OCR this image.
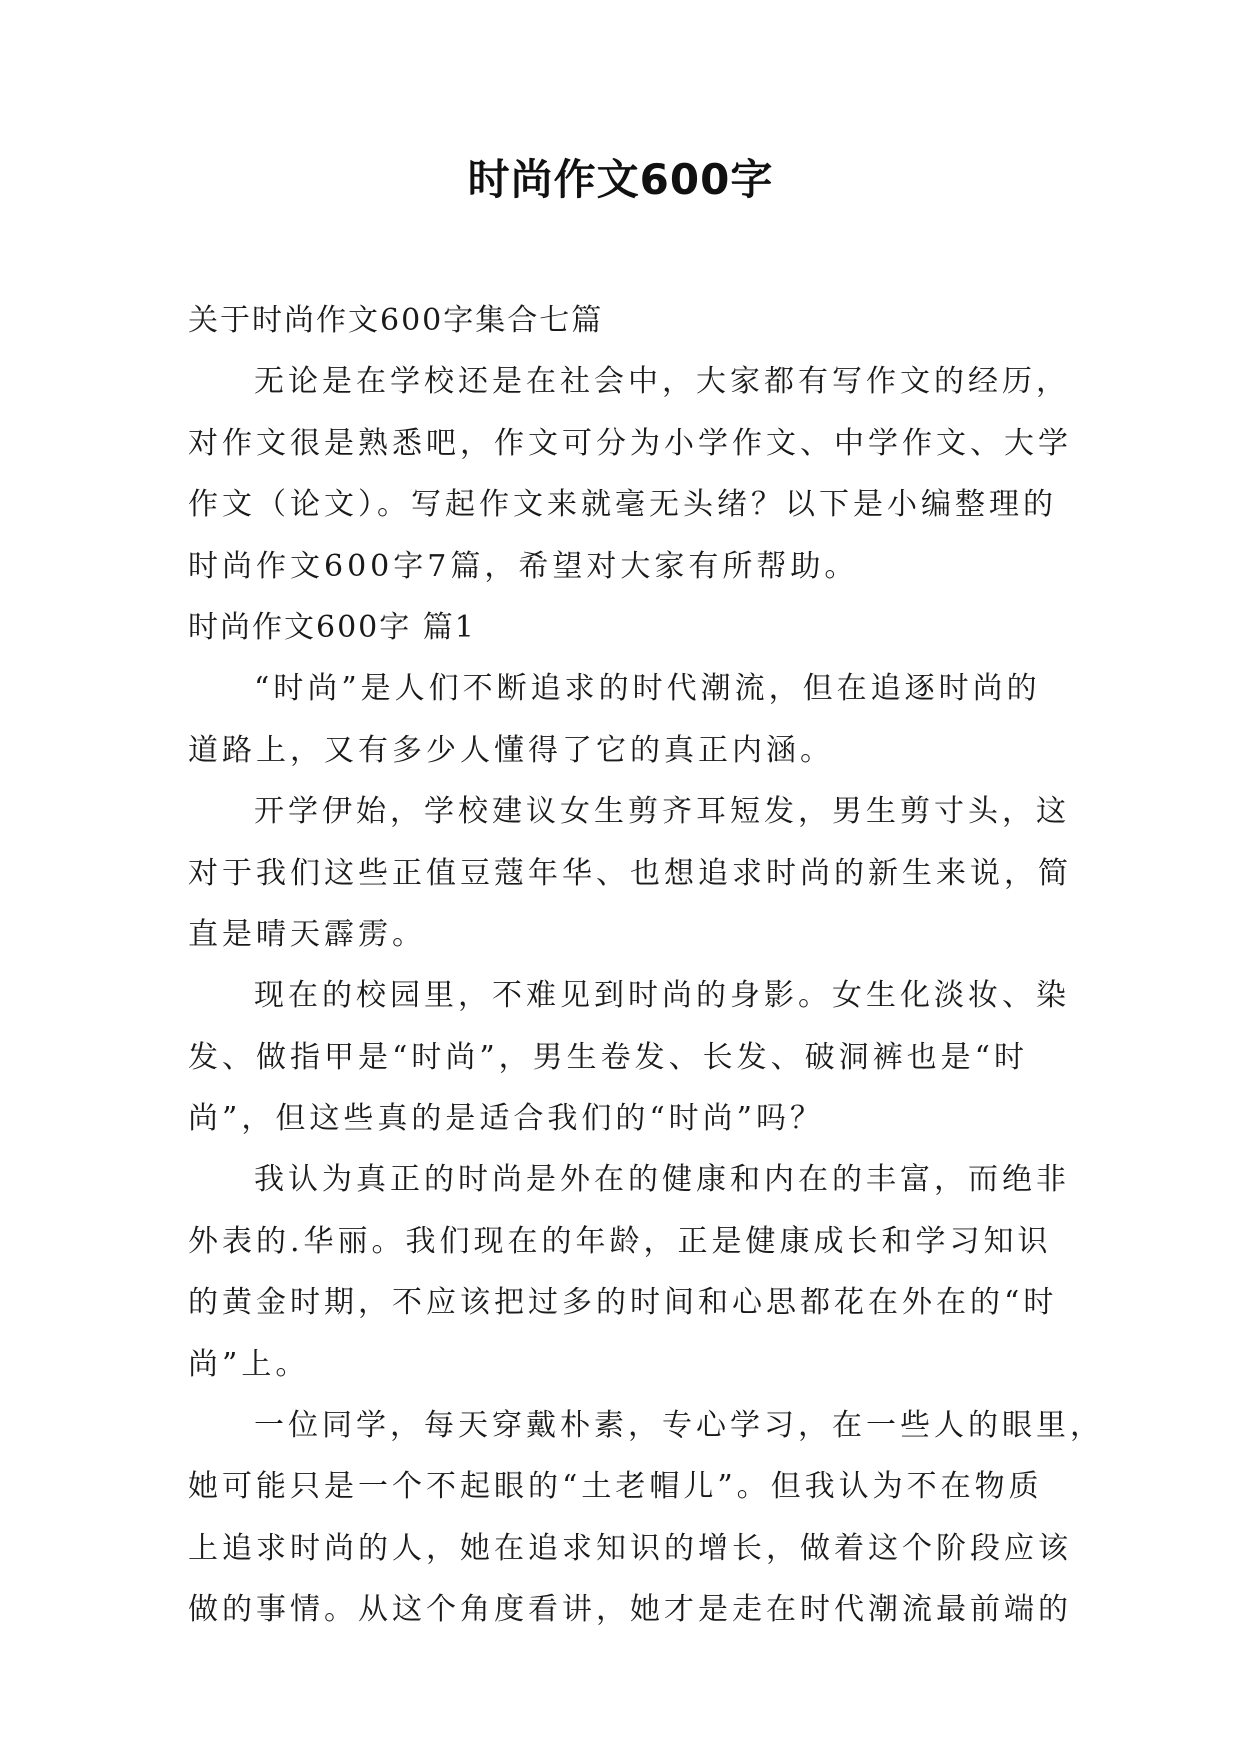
时尚作文600字
关于时尚作文600字集合七篇
无论是在学校还是在社会中，大家都有写作文的经历，
对作文很是熟悉吧，作文可分为小学作文、中学作文、大学
作文（论文）。写起作文来就毫无头绪？以下是小编整理的
时尚作文600字7篇，希望对大家有所帮助。
时尚作文600字 篇1
“时尚”是人们不断追求的时代潮流，但在追逐时尚的
道路上，又有多少人懂得了它的真正内涵。
开学伊始，学校建议女生剪齐耳短发，男生剪寸头，这
对于我们这些正值豆蔻年华、也想追求时尚的新生来说，简
直是晴天霹雳。
现在的校园里，不难见到时尚的身影。女生化淡妆、染
发、做指甲是“时尚”，男生卷发、长发、破洞裤也是“时
尚”，但这些真的是适合我们的“时尚”吗？
我认为真正的时尚是外在的健康和内在的丰富，而绝非
外表的.华丽。我们现在的年龄，正是健康成长和学习知识
的黄金时期，不应该把过多的时间和心思都花在外在的“时
尚”上。
一位同学，每天穿戴朴素，专心学习，在一些人的眼里，
她可能只是一个不起眼的“土老帽儿”。但我认为不在物质
上追求时尚的人，她在追求知识的增长，做着这个阶段应该
做的事情。从这个角度看讲，她才是走在时代潮流最前端的
